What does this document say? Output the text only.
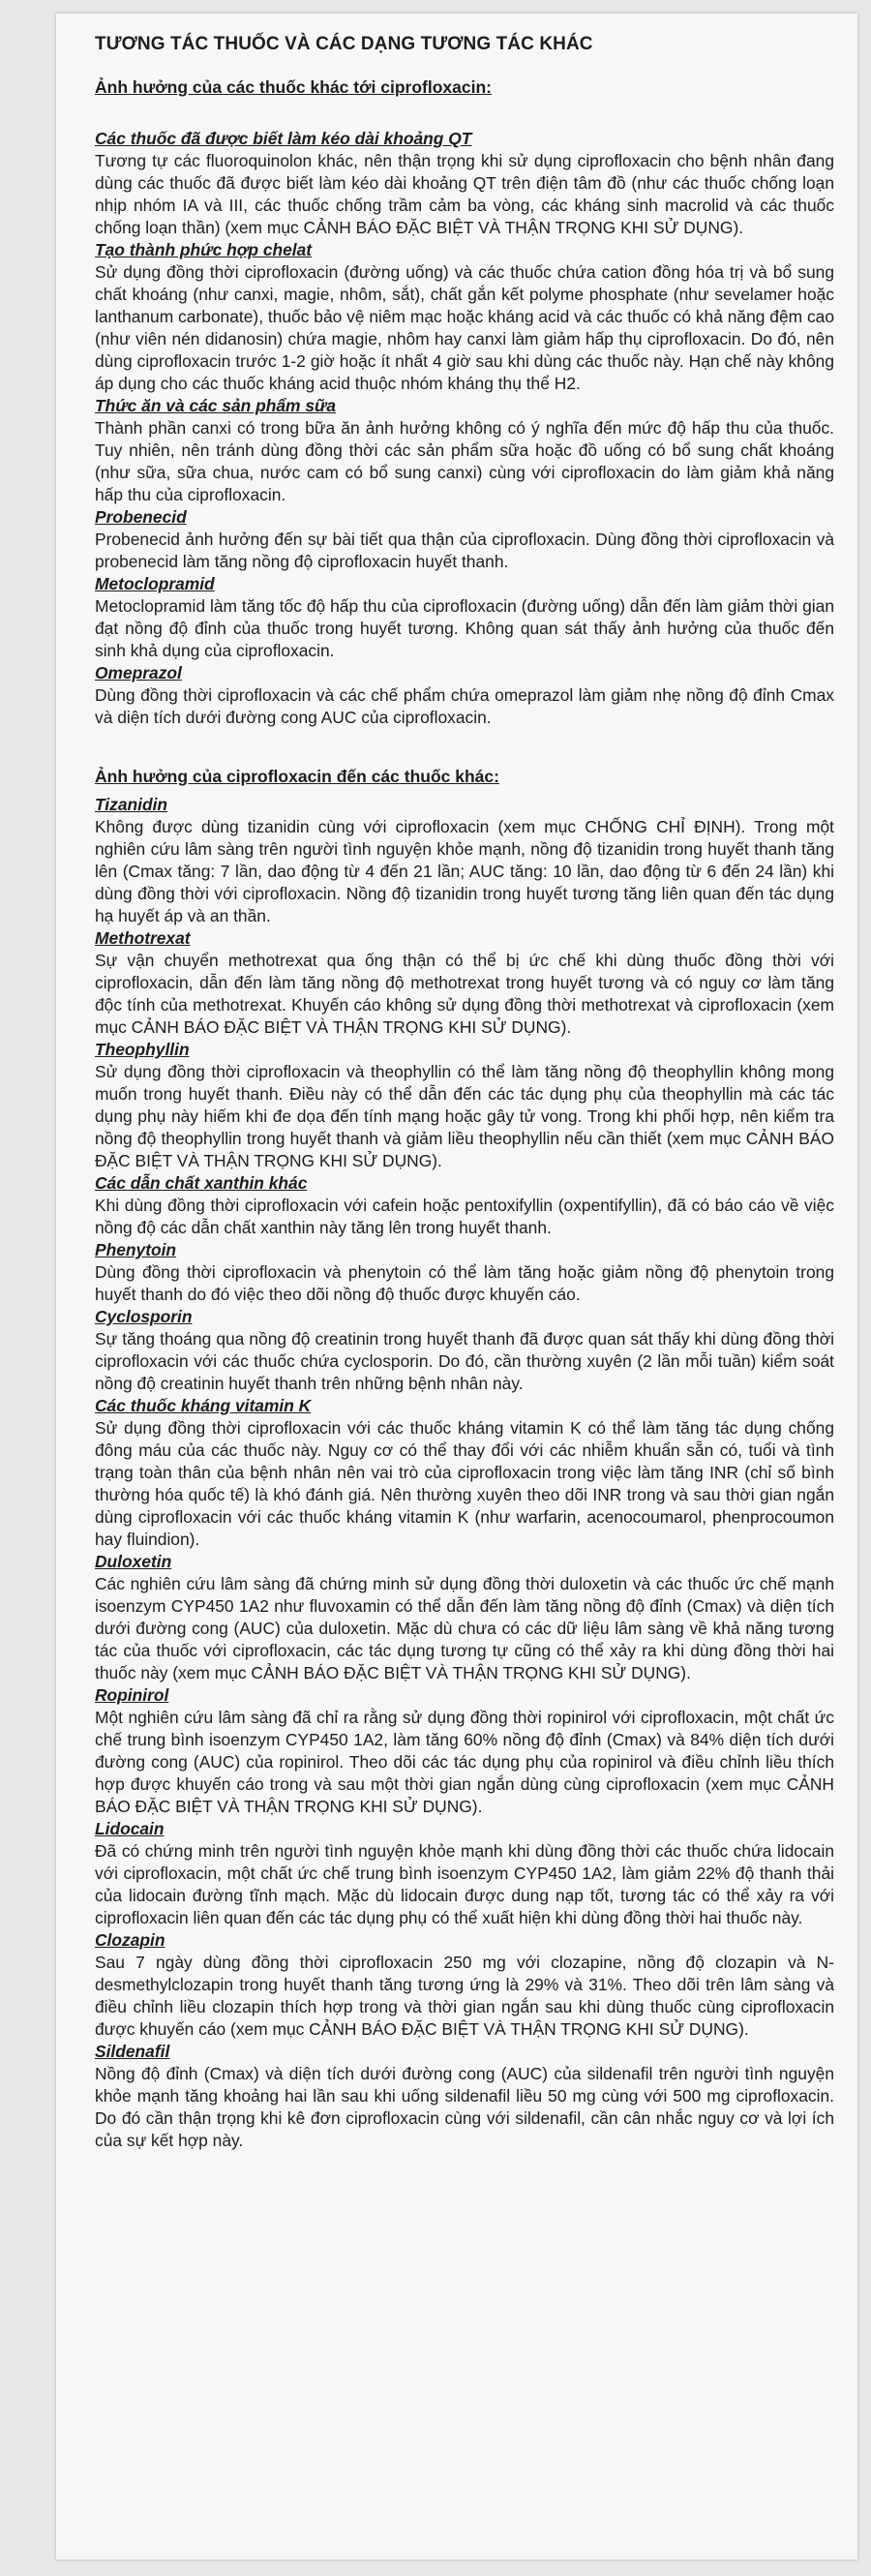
TƯƠNG TÁC THUỐC VÀ CÁC DẠNG TƯƠNG TÁC KHÁC
Ảnh hưởng của các thuốc khác tới ciprofloxacin:
Các thuốc đã được biết làm kéo dài khoảng QT

Tương tự các fluoroquinolon khác, nên thận trọng khi sử dụng ciprofloxacin cho bệnh nhân đang dùng các thuốc đã được biết làm kéo dài khoảng QT trên điện tâm đồ (như các thuốc chống loạn nhịp nhóm IA và III, các thuốc chống trầm cảm ba vòng, các kháng sinh macrolid và các thuốc chống loạn thần) (xem mục CẢNH BÁO ĐẶC BIỆT VÀ THẬN TRỌNG KHI SỬ DỤNG).

Tạo thành phức hợp chelat

Sử dụng đồng thời ciprofloxacin (đường uống) và các thuốc chứa cation đồng hóa trị và bổ sung chất khoáng (như canxi, magie, nhôm, sắt), chất gắn kết polyme phosphate (như sevelamer hoặc lanthanum carbonate), thuốc bảo vệ niêm mạc hoặc kháng acid và các thuốc có khả năng đệm cao (như viên nén didanosin) chứa magie, nhôm hay canxi làm giảm hấp thụ ciprofloxacin. Do đó, nên dùng ciprofloxacin trước 1-2 giờ hoặc ít nhất 4 giờ sau khi dùng các thuốc này. Hạn chế này không áp dụng cho các thuốc kháng acid thuộc nhóm kháng thụ thể H2.

Thức ăn và các sản phẩm sữa

Thành phần canxi có trong bữa ăn ảnh hưởng không có ý nghĩa đến mức độ hấp thu của thuốc. Tuy nhiên, nên tránh dùng đồng thời các sản phẩm sữa hoặc đồ uống có bổ sung chất khoáng (như sữa, sữa chua, nước cam có bổ sung canxi) cùng với ciprofloxacin do làm giảm khả năng hấp thu của ciprofloxacin.

Probenecid

Probenecid ảnh hưởng đến sự bài tiết qua thận của ciprofloxacin. Dùng đồng thời ciprofloxacin và probenecid làm tăng nồng độ ciprofloxacin huyết thanh.

Metoclopramid

Metoclopramid làm tăng tốc độ hấp thu của ciprofloxacin (đường uống) dẫn đến làm giảm thời gian đạt nồng độ đỉnh của thuốc trong huyết tương. Không quan sát thấy ảnh hưởng của thuốc đến sinh khả dụng của ciprofloxacin.

Omeprazol

Dùng đồng thời ciprofloxacin và các chế phẩm chứa omeprazol làm giảm nhẹ nồng độ đỉnh Cmax và diện tích dưới đường cong AUC của ciprofloxacin.

Ảnh hưởng của ciprofloxacin đến các thuốc khác:
Tizanidin

Không được dùng tizanidin cùng với ciprofloxacin (xem mục CHỐNG CHỈ ĐỊNH). Trong một nghiên cứu lâm sàng trên người tình nguyện khỏe mạnh, nồng độ tizanidin trong huyết thanh tăng lên (Cmax tăng: 7 lần, dao động từ 4 đến 21 lần; AUC tăng: 10 lần, dao động từ 6 đến 24 lần) khi dùng đồng thời với ciprofloxacin. Nồng độ tizanidin trong huyết tương tăng liên quan đến tác dụng hạ huyết áp và an thần.

Methotrexat

Sự vận chuyển methotrexat qua ống thận có thể bị ức chế khi dùng thuốc đồng thời với ciprofloxacin, dẫn đến làm tăng nồng độ methotrexat trong huyết tương và có nguy cơ làm tăng độc tính của methotrexat. Khuyến cáo không sử dụng đồng thời methotrexat và ciprofloxacin (xem mục CẢNH BÁO ĐẶC BIỆT VÀ THẬN TRỌNG KHI SỬ DỤNG).

Theophyllin

Sử dụng đồng thời ciprofloxacin và theophyllin có thể làm tăng nồng độ theophyllin không mong muốn trong huyết thanh. Điều này có thể dẫn đến các tác dụng phụ của theophyllin mà các tác dụng phụ này hiếm khi đe dọa đến tính mạng hoặc gây tử vong. Trong khi phối hợp, nên kiểm tra nồng độ theophyllin trong huyết thanh và giảm liều theophyllin nếu cần thiết (xem mục CẢNH BÁO ĐẶC BIỆT VÀ THẬN TRỌNG KHI SỬ DỤNG).

Các dẫn chất xanthin khác

Khi dùng đồng thời ciprofloxacin với cafein hoặc pentoxifyllin (oxpentifyllin), đã có báo cáo về việc nồng độ các dẫn chất xanthin này tăng lên trong huyết thanh.

Phenytoin

Dùng đồng thời ciprofloxacin và phenytoin có thể làm tăng hoặc giảm nồng độ phenytoin trong huyết thanh do đó việc theo dõi nồng độ thuốc được khuyến cáo.

Cyclosporin

Sự tăng thoáng qua nồng độ creatinin trong huyết thanh đã được quan sát thấy khi dùng đồng thời ciprofloxacin với các thuốc chứa cyclosporin. Do đó, cần thường xuyên (2 lần mỗi tuần) kiểm soát nồng độ creatinin huyết thanh trên những bệnh nhân này.

Các thuốc kháng vitamin K

Sử dụng đồng thời ciprofloxacin với các thuốc kháng vitamin K có thể làm tăng tác dụng chống đông máu của các thuốc này. Nguy cơ có thể thay đổi với các nhiễm khuẩn sẵn có, tuổi và tình trạng toàn thân của bệnh nhân nên vai trò của ciprofloxacin trong việc làm tăng INR (chỉ số bình thường hóa quốc tế) là khó đánh giá. Nên thường xuyên theo dõi INR trong và sau thời gian ngắn dùng ciprofloxacin với các thuốc kháng vitamin K (như warfarin, acenocoumarol, phenprocoumon hay fluindion).

Duloxetin

Các nghiên cứu lâm sàng đã chứng minh sử dụng đồng thời duloxetin và các thuốc ức chế mạnh isoenzym CYP450 1A2 như fluvoxamin có thể dẫn đến làm tăng nồng độ đỉnh (Cmax) và diện tích dưới đường cong (AUC) của duloxetin. Mặc dù chưa có các dữ liệu lâm sàng về khả năng tương tác của thuốc với ciprofloxacin, các tác dụng tương tự cũng có thể xảy ra khi dùng đồng thời hai thuốc này (xem mục CẢNH BÁO ĐẶC BIỆT VÀ THẬN TRỌNG KHI SỬ DỤNG).

Ropinirol

Một nghiên cứu lâm sàng đã chỉ ra rằng sử dụng đồng thời ropinirol với ciprofloxacin, một chất ức chế trung bình isoenzym CYP450 1A2, làm tăng 60% nồng độ đỉnh (Cmax) và 84% diện tích dưới đường cong (AUC) của ropinirol. Theo dõi các tác dụng phụ của ropinirol và điều chỉnh liều thích hợp được khuyến cáo trong và sau một thời gian ngắn dùng cùng ciprofloxacin (xem mục CẢNH BÁO ĐẶC BIỆT VÀ THẬN TRỌNG KHI SỬ DỤNG).

Lidocain

Đã có chứng minh trên người tình nguyện khỏe mạnh khi dùng đồng thời các thuốc chứa lidocain với ciprofloxacin, một chất ức chế trung bình isoenzym CYP450 1A2, làm giảm 22% độ thanh thải của lidocain đường tĩnh mạch. Mặc dù lidocain được dung nạp tốt, tương tác có thể xảy ra với ciprofloxacin liên quan đến các tác dụng phụ có thể xuất hiện khi dùng đồng thời hai thuốc này.

Clozapin

Sau 7 ngày dùng đồng thời ciprofloxacin 250 mg với clozapine, nồng độ clozapin và N-desmethylclozapin trong huyết thanh tăng tương ứng là 29% và 31%. Theo dõi trên lâm sàng và điều chỉnh liều clozapin thích hợp trong và thời gian ngắn sau khi dùng thuốc cùng ciprofloxacin được khuyến cáo (xem mục CẢNH BÁO ĐẶC BIỆT VÀ THẬN TRỌNG KHI SỬ DỤNG).

Sildenafil

Nồng độ đỉnh (Cmax) và diện tích dưới đường cong (AUC) của sildenafil trên người tình nguyện khỏe mạnh tăng khoảng hai lần sau khi uống sildenafil liều 50 mg cùng với 500 mg ciprofloxacin. Do đó cần thận trọng khi kê đơn ciprofloxacin cùng với sildenafil, cần cân nhắc nguy cơ và lợi ích của sự kết hợp này.
